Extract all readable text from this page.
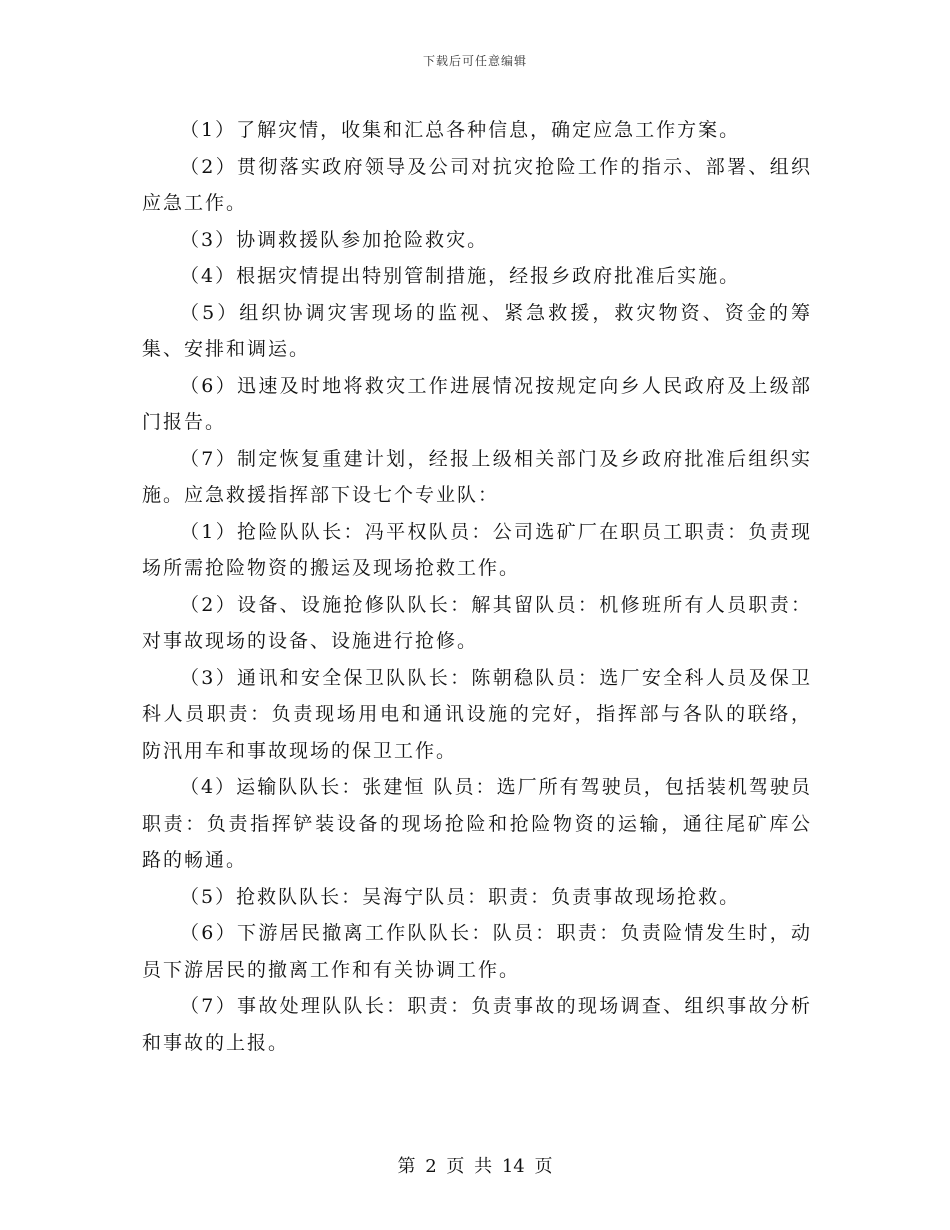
下载后可任意编辑

（1）了解灾情，收集和汇总各种信息，确定应急工作方案。

（2）贯彻落实政府领导及公司对抗灾抢险工作的指示、部署、组织应急工作。

（3）协调救援队参加抢险救灾。

（4）根据灾情提出特别管制措施，经报乡政府批准后实施。

（5）组织协调灾害现场的监视、紧急救援，救灾物资、资金的筹集、安排和调运。

（6）迅速及时地将救灾工作进展情况按规定向乡人民政府及上级部门报告。

（7）制定恢复重建计划，经报上级相关部门及乡政府批准后组织实施。应急救援指挥部下设七个专业队：

（1）抢险队队长：冯平权队员：公司选矿厂在职员工职责：负责现场所需抢险物资的搬运及现场抢救工作。

（2）设备、设施抢修队队长：解其留队员：机修班所有人员职责：对事故现场的设备、设施进行抢修。

（3）通讯和安全保卫队队长：陈朝稳队员：选厂安全科人员及保卫科人员职责：负责现场用电和通讯设施的完好，指挥部与各队的联络，防汛用车和事故现场的保卫工作。

（4）运输队队长：张建恒 队员：选厂所有驾驶员，包括装机驾驶员职责：负责指挥铲装设备的现场抢险和抢险物资的运输，通往尾矿库公路的畅通。

（5）抢救队队长：吴海宁队员：职责：负责事故现场抢救。

（6）下游居民撤离工作队队长：队员：职责：负责险情发生时，动员下游居民的撤离工作和有关协调工作。

（7）事故处理队队长：职责：负责事故的现场调查、组织事故分析和事故的上报。

第 2 页 共 14 页
